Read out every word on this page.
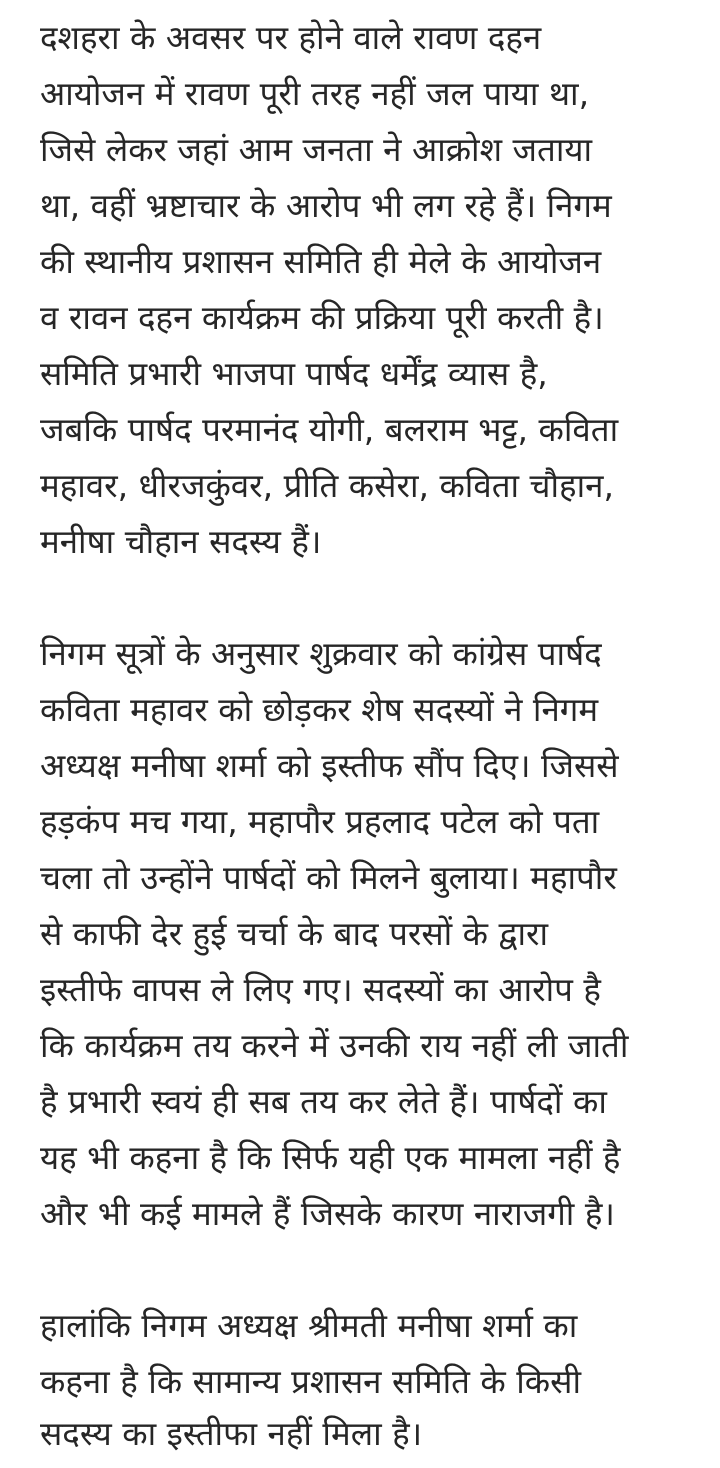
दशहरा के अवसर पर होने वाले रावण दहन
आयोजन में रावण पूरी तरह नहीं जल पाया था,
जिसे लेकर जहां आम जनता ने आक्रोश जताया
था, वहीं भ्रष्टाचार के आरोप भी लग रहे हैं। निगम
की स्थानीय प्रशासन समिति ही मेले के आयोजन
व रावन दहन कार्यक्रम की प्रक्रिया पूरी करती है।
समिति प्रभारी भाजपा पार्षद धर्मेंद्र व्यास है,
जबकि पार्षद परमानंद योगी, बलराम भट्ट, कविता
महावर, धीरजकुंवर, प्रीति कसेरा, कविता चौहान,
मनीषा चौहान सदस्य हैं।
निगम सूत्रों के अनुसार शुक्रवार को कांग्रेस पार्षद
कविता महावर को छोड़कर शेष सदस्यों ने निगम
अध्यक्ष मनीषा शर्मा को इस्तीफ सौंप दिए। जिससे
हड़कंप मच गया, महापौर प्रहलाद पटेल को पता
चला तो उन्होंने पार्षदों को मिलने बुलाया। महापौर
से काफी देर हुई चर्चा के बाद परसों के द्वारा
इस्तीफे वापस ले लिए गए। सदस्यों का आरोप है
कि कार्यक्रम तय करने में उनकी राय नहीं ली जाती
है प्रभारी स्वयं ही सब तय कर लेते हैं। पार्षदों का
यह भी कहना है कि सिर्फ यही एक मामला नहीं है
और भी कई मामले हैं जिसके कारण नाराजगी है।
हालांकि निगम अध्यक्ष श्रीमती मनीषा शर्मा का
कहना है कि सामान्य प्रशासन समिति के किसी
सदस्य का इस्तीफा नहीं मिला है।
